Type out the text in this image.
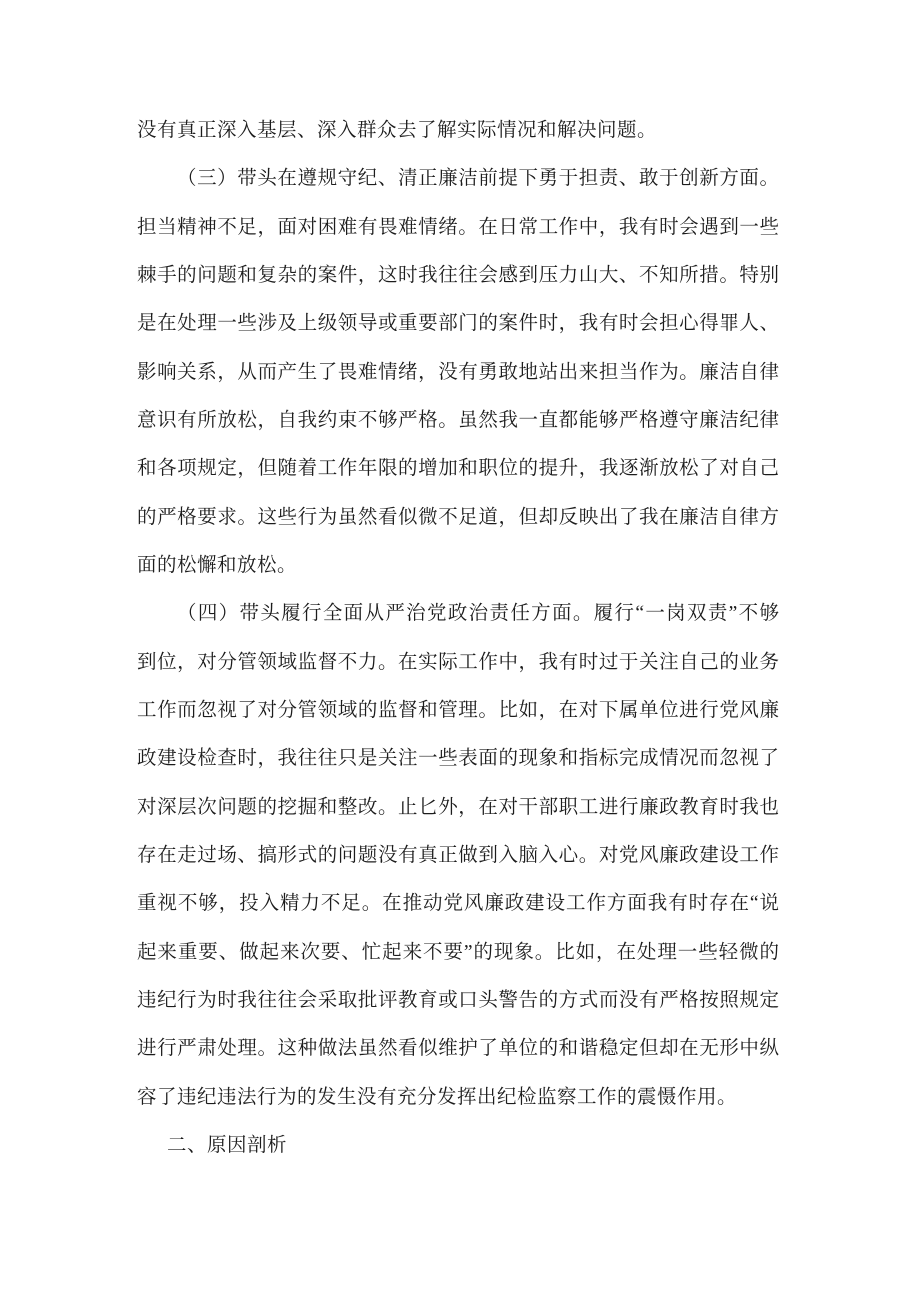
没有真正深入基层、深入群众去了解实际情况和解决问题。
（三）带头在遵规守纪、清正廉洁前提下勇于担责、敢于创新方面。
担当精神不足，面对困难有畏难情绪。在日常工作中，我有时会遇到一些
棘手的问题和复杂的案件，这时我往往会感到压力山大、不知所措。特别
是在处理一些涉及上级领导或重要部门的案件时，我有时会担心得罪人、
影响关系，从而产生了畏难情绪，没有勇敢地站出来担当作为。廉洁自律
意识有所放松，自我约束不够严格。虽然我一直都能够严格遵守廉洁纪律
和各项规定，但随着工作年限的增加和职位的提升，我逐渐放松了对自己
的严格要求。这些行为虽然看似微不足道，但却反映出了我在廉洁自律方
面的松懈和放松。
（四）带头履行全面从严治党政治责任方面。履行“一岗双责”不够
到位，对分管领域监督不力。在实际工作中，我有时过于关注自己的业务
工作而忽视了对分管领域的监督和管理。比如，在对下属单位进行党风廉
政建设检查时，我往往只是关注一些表面的现象和指标完成情况而忽视了
对深层次问题的挖掘和整改。止匕外，在对干部职工进行廉政教育时我也
存在走过场、搞形式的问题没有真正做到入脑入心。对党风廉政建设工作
重视不够，投入精力不足。在推动党风廉政建设工作方面我有时存在“说
起来重要、做起来次要、忙起来不要”的现象。比如，在处理一些轻微的
违纪行为时我往往会采取批评教育或口头警告的方式而没有严格按照规定
进行严肃处理。这种做法虽然看似维护了单位的和谐稳定但却在无形中纵
容了违纪违法行为的发生没有充分发挥出纪检监察工作的震慑作用。
二、原因剖析
